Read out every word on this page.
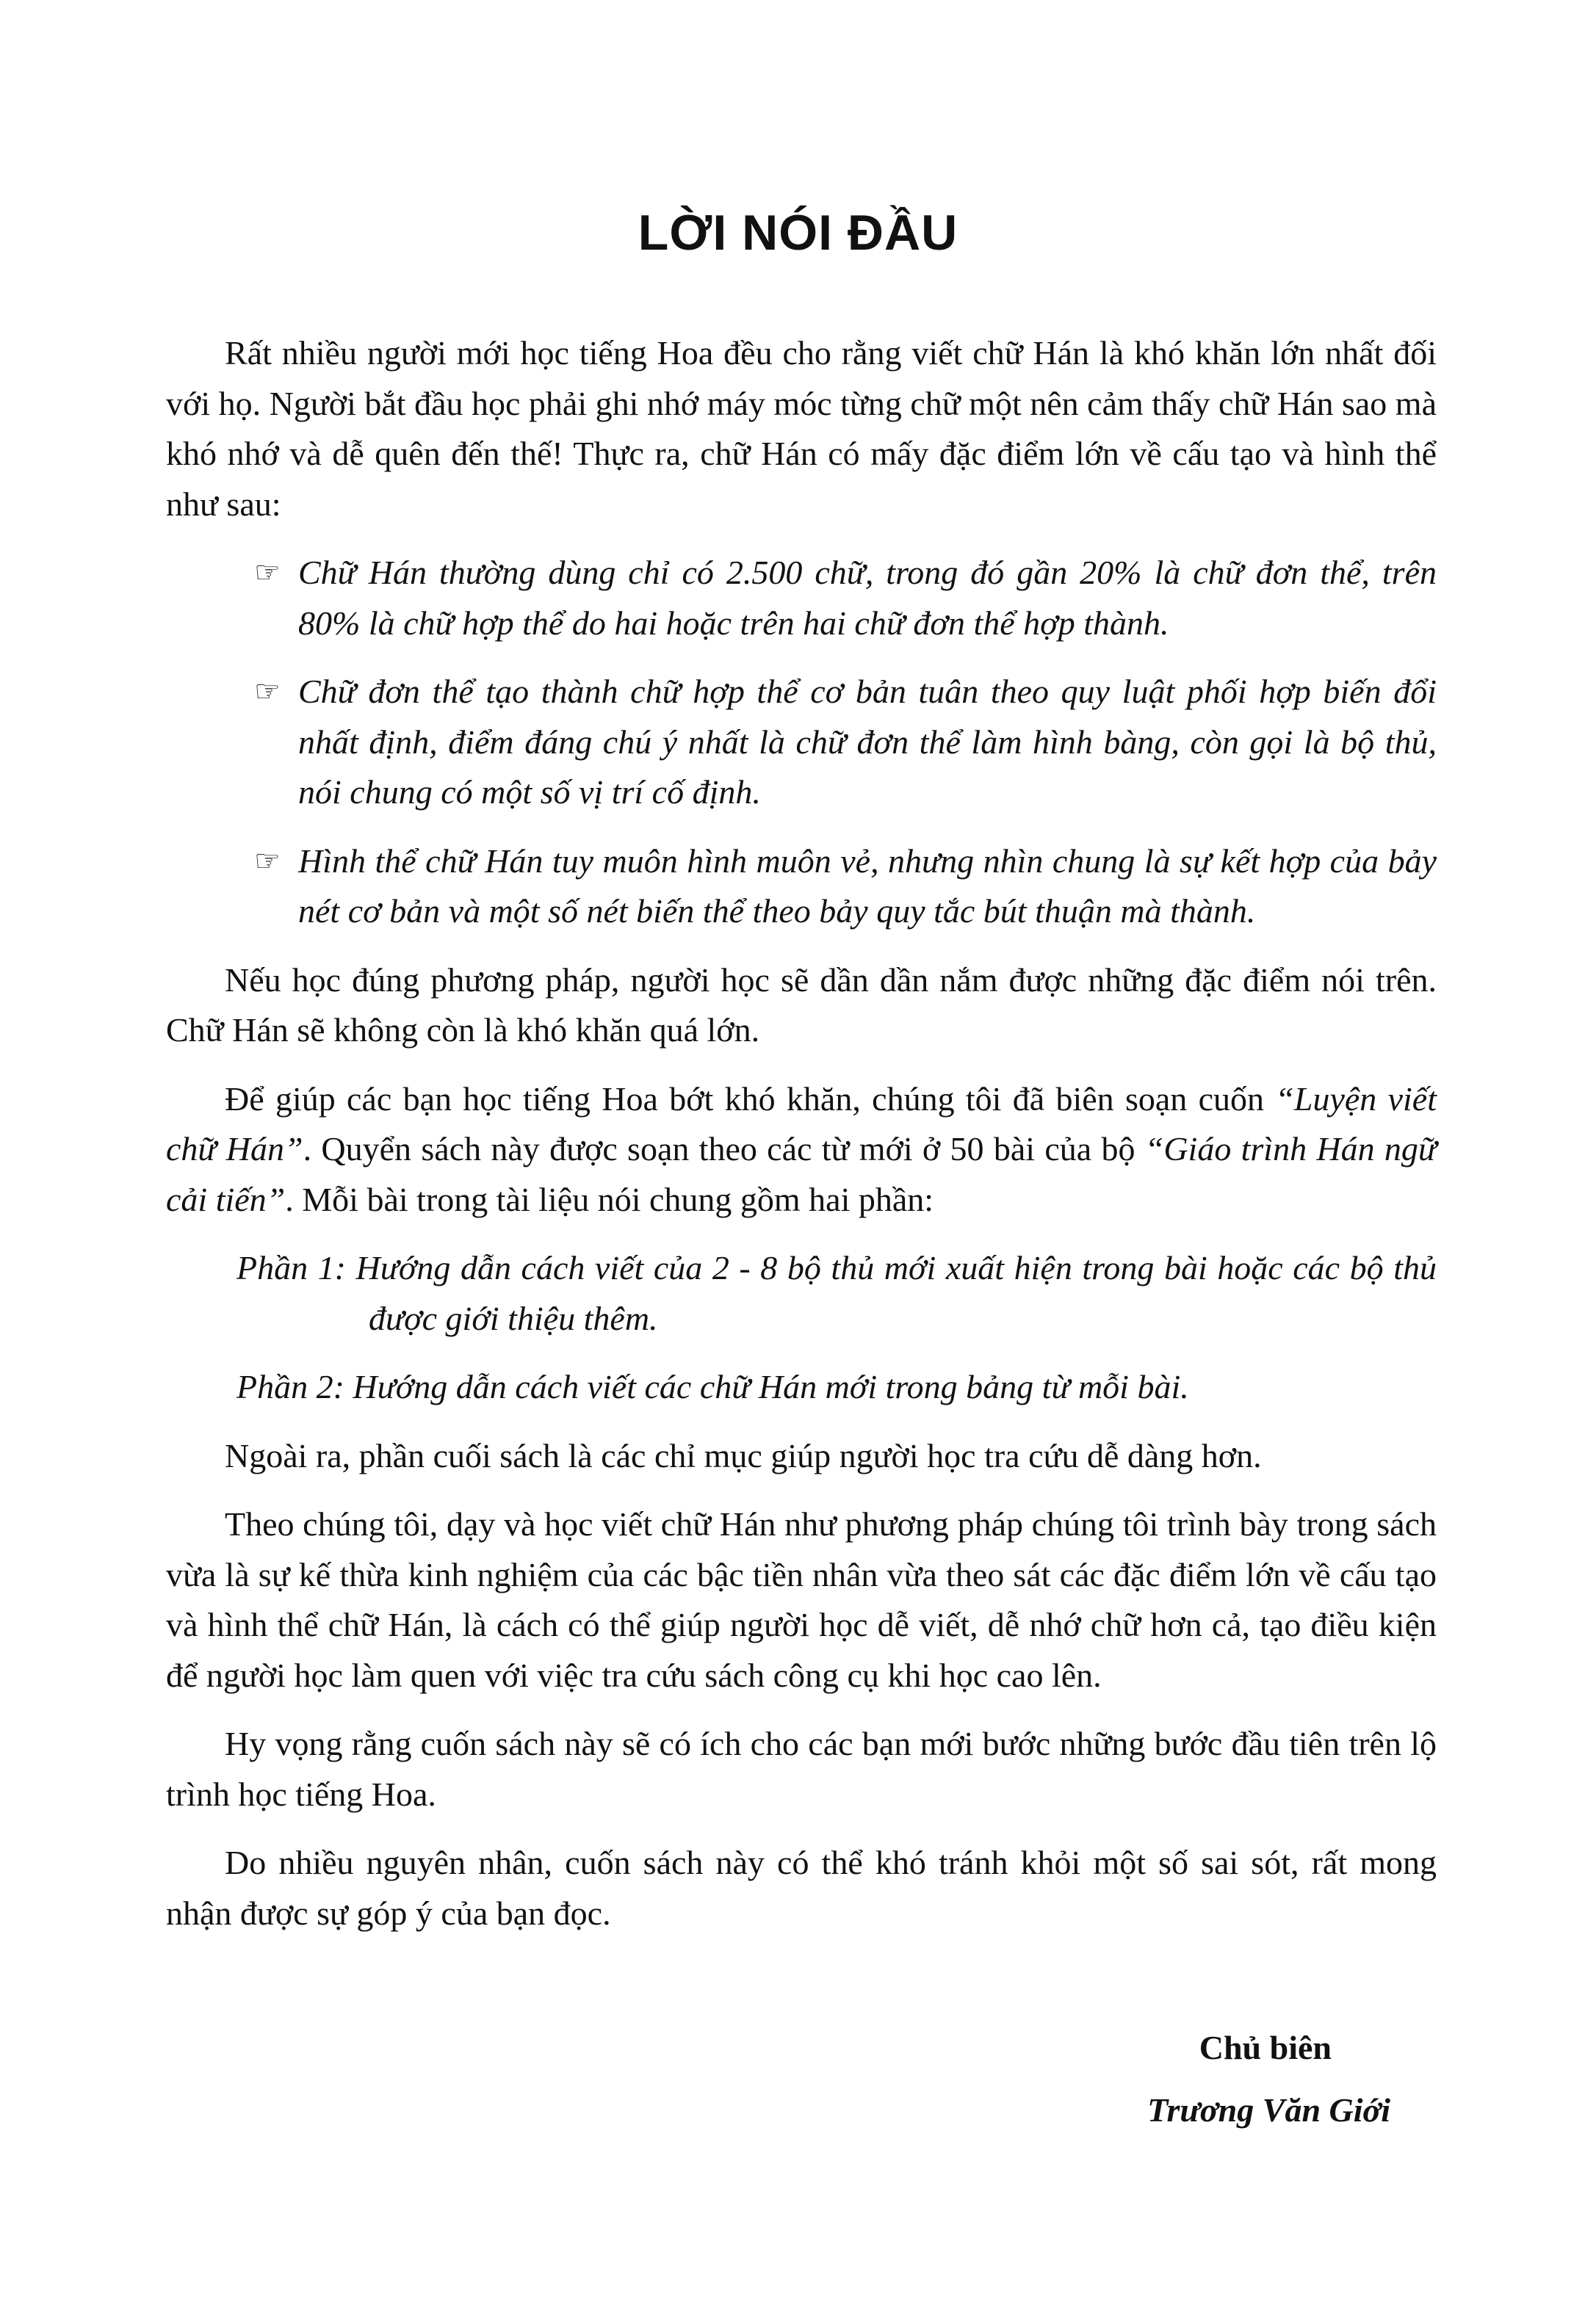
LỜI NÓI ĐẦU

Rất nhiều người mới học tiếng Hoa đều cho rằng viết chữ Hán là khó khăn lớn nhất đối với họ. Người bắt đầu học phải ghi nhớ máy móc từng chữ một nên cảm thấy chữ Hán sao mà khó nhớ và dễ quên đến thế! Thực ra, chữ Hán có mấy đặc điểm lớn về cấu tạo và hình thể như sau:

☞ Chữ Hán thường dùng chỉ có 2.500 chữ, trong đó gần 20% là chữ đơn thể, trên 80% là chữ hợp thể do hai hoặc trên hai chữ đơn thể hợp thành.
☞ Chữ đơn thể tạo thành chữ hợp thể cơ bản tuân theo quy luật phối hợp biến đổi nhất định, điểm đáng chú ý nhất là chữ đơn thể làm hình bàng, còn gọi là bộ thủ, nói chung có một số vị trí cố định.
☞ Hình thể chữ Hán tuy muôn hình muôn vẻ, nhưng nhìn chung là sự kết hợp của bảy nét cơ bản và một số nét biến thể theo bảy quy tắc bút thuận mà thành.

Nếu học đúng phương pháp, người học sẽ dần dần nắm được những đặc điểm nói trên. Chữ Hán sẽ không còn là khó khăn quá lớn.

Để giúp các bạn học tiếng Hoa bớt khó khăn, chúng tôi đã biên soạn cuốn “Luyện viết chữ Hán”. Quyển sách này được soạn theo các từ mới ở 50 bài của bộ “Giáo trình Hán ngữ cải tiến”. Mỗi bài trong tài liệu nói chung gồm hai phần:

Phần 1: Hướng dẫn cách viết của 2 - 8 bộ thủ mới xuất hiện trong bài hoặc các bộ thủ được giới thiệu thêm.
Phần 2: Hướng dẫn cách viết các chữ Hán mới trong bảng từ mỗi bài.

Ngoài ra, phần cuối sách là các chỉ mục giúp người học tra cứu dễ dàng hơn.

Theo chúng tôi, dạy và học viết chữ Hán như phương pháp chúng tôi trình bày trong sách vừa là sự kế thừa kinh nghiệm của các bậc tiền nhân vừa theo sát các đặc điểm lớn về cấu tạo và hình thể chữ Hán, là cách có thể giúp người học dễ viết, dễ nhớ chữ hơn cả, tạo điều kiện để người học làm quen với việc tra cứu sách công cụ khi học cao lên.

Hy vọng rằng cuốn sách này sẽ có ích cho các bạn mới bước những bước đầu tiên trên lộ trình học tiếng Hoa.

Do nhiều nguyên nhân, cuốn sách này có thể khó tránh khỏi một số sai sót, rất mong nhận được sự góp ý của bạn đọc.

Chủ biên
Trương Văn Giới
